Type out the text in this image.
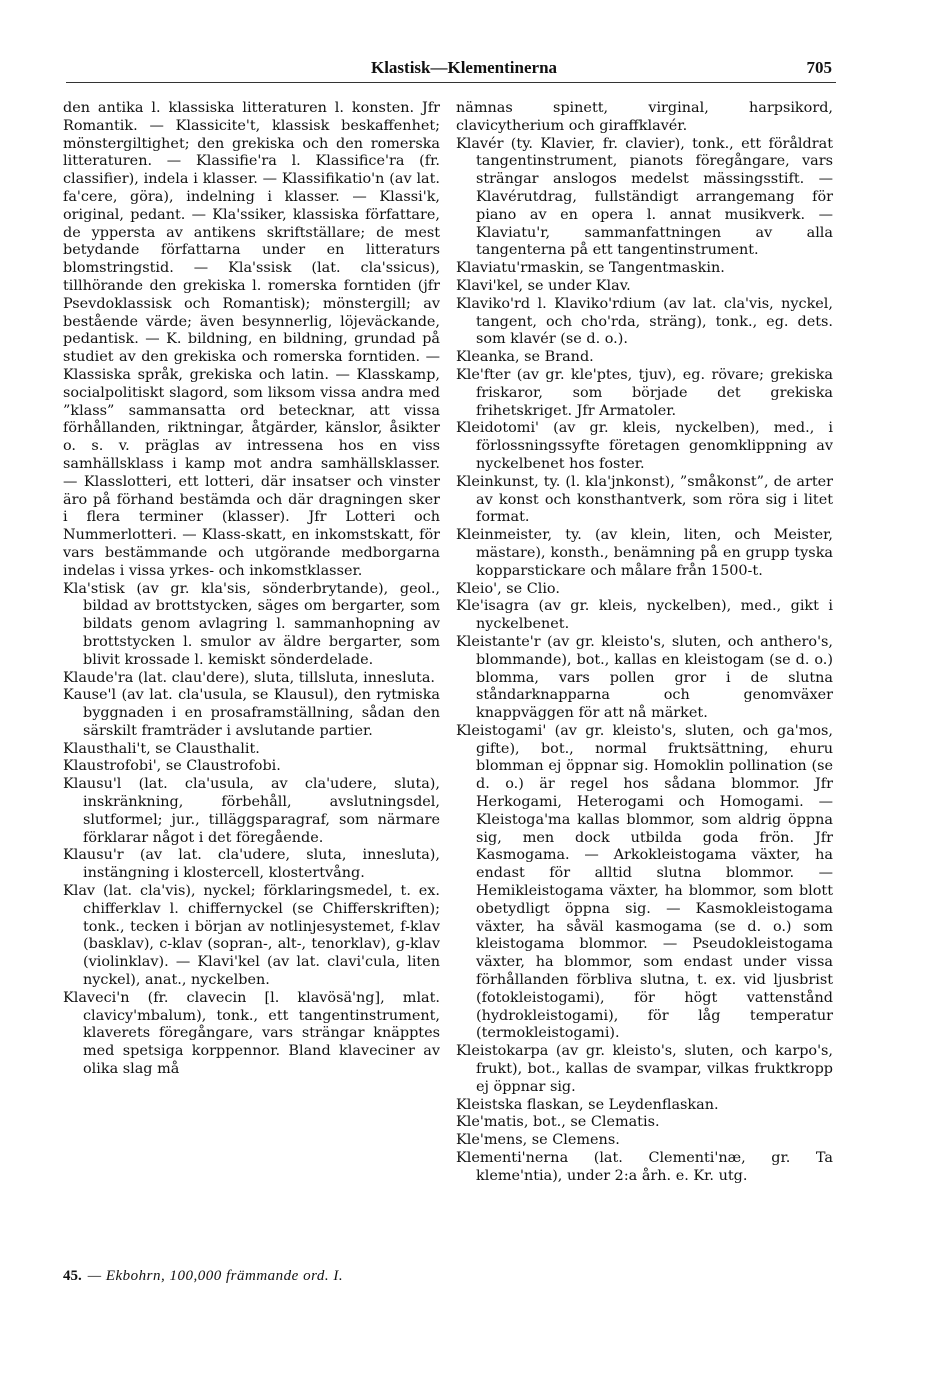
Klastisk—Klementinerna	705

den antika l. klassiska litteraturen l. konsten. Jfr Romantik. — Klassicite't, klassisk beskaffenhet; mönstergiltighet; den grekiska och den romerska litteraturen. — Klassifie'ra l. Klassifice'ra (fr. classifier), indela i klasser. — Klassifikatio'n (av lat. fa'cere, göra), indelning i klasser. — Klassi'k, original, pedant. — Kla'ssiker, klassiska författare, de yppersta av antikens skriftställare; de mest betydande författarna under en litteraturs blomstringstid. — Kla'ssisk (lat. cla'ssicus), tillhörande den grekiska l. romerska forntiden (jfr Psevdoklassisk och Romantisk); mönstergill; av bestående värde; även besynnerlig, löjeväckande, pedantisk. — K. bildning, en bildning, grundad på studiet av den grekiska och romerska forntiden. — Klassiska språk, grekiska och latin. — Klasskamp, socialpolitiskt slagord, som liksom vissa andra med ”klass” sammansatta ord betecknar, att vissa förhållanden, riktningar, åtgärder, känslor, åsikter o. s. v. präglas av intressena hos en viss samhällsklass i kamp mot andra samhällsklasser. — Klasslotteri, ett lotteri, där insatser och vinster äro på förhand bestämda och där dragningen sker i flera terminer (klasser). Jfr Lotteri och Nummerlotteri. — Klass-skatt, en inkomstskatt, för vars bestämmande och utgörande medborgarna indelas i vissa yrkes- och inkomstklasser.

Kla'stisk (av gr. kla'sis, sönderbrytande), geol., bildad av brottstycken, säges om bergarter, som bildats genom avlagring l. sammanhopning av brottstycken l. smulor av äldre bergarter, som blivit krossade l. kemiskt sönderdelade.

Klaude'ra (lat. clau'dere), sluta, tillsluta, innesluta.

Kause'l (av lat. cla'usula, se Klausul), den rytmiska byggnaden i en prosaframställning, sådan den särskilt framträder i avslutande partier.

Klausthali't, se Clausthalit.

Klaustrofobi', se Claustrofobi.

Klausu'l (lat. cla'usula, av cla'udere, sluta), inskränkning, förbehåll, avslutningsdel, slutformel; jur., tilläggsparagraf, som närmare förklarar något i det föregående.

Klausu'r (av lat. cla'udere, sluta, innesluta), instängning i klostercell, klostertvång.

Klav (lat. cla'vis), nyckel; förklaringsmedel, t. ex. chifferklav l. chiffernyckel (se Chifferskriften); tonk., tecken i början av notlinjesystemet, f-klav (basklav), c-klav (sopran-, alt-, tenorklav), g-klav (violinklav). — Klavi'kel (av lat. clavi'cula, liten nyckel), anat., nyckelben.

Klaveci'n (fr. clavecin [l. klavösä'ng], mlat. clavicy'mbalum), tonk., ett tangentinstrument, klaverets föregångare, vars strängar knäpptes med spetsiga korppennor. Bland klaveciner av olika slag må

nämnas spinett, virginal, harpsikord, clavicytherium och giraffklavér.

Klavér (ty. Klavier, fr. clavier), tonk., ett föråldrat tangentinstrument, pianots föregångare, vars strängar anslogos medelst mässingsstift. — Klavérutdrag, fullständigt arrangemang för piano av en opera l. annat musikverk. — Klaviatu'r, sammanfattningen av alla tangenterna på ett tangentinstrument.

Klaviatu'rmaskin, se Tangentmaskin.

Klavi'kel, se under Klav.

Klaviko'rd l. Klaviko'rdium (av lat. cla'vis, nyckel, tangent, och cho'rda, sträng), tonk., eg. dets. som klavér (se d. o.).

Kleanka, se Brand.

Kle'fter (av gr. kle'ptes, tjuv), eg. rövare; grekiska friskaror, som började det grekiska frihetskriget. Jfr Armatoler.

Kleidotomi' (av gr. kleis, nyckelben), med., i förlossningssyfte företagen genomklippning av nyckelbenet hos foster.

Kleinkunst, ty. (l. kla'jnkonst), ”småkonst”, de arter av konst och konsthantverk, som röra sig i litet format.

Kleinmeister, ty. (av klein, liten, och Meister, mästare), konsth., benämning på en grupp tyska kopparstickare och målare från 1500-t.

Kleio', se Clio.

Kle'isagra (av gr. kleis, nyckelben), med., gikt i nyckelbenet.

Kleistante'r (av gr. kleisto's, sluten, och anthero's, blommande), bot., kallas en kleistogam (se d. o.) blomma, vars pollen gror i de slutna ståndarknapparna och genomväxer knappväggen för att nå märket.

Kleistogami' (av gr. kleisto's, sluten, och ga'mos, gifte), bot., normal fruktsättning, ehuru blomman ej öppnar sig. Homoklin pollination (se d. o.) är regel hos sådana blommor. Jfr Herkogami, Heterogami och Homogami. — Kleistoga'ma kallas blommor, som aldrig öppna sig, men dock utbilda goda frön. Jfr Kasmogama. — Arkokleistogama växter, ha endast för alltid slutna blommor. — Hemikleistogama växter, ha blommor, som blott obetydligt öppna sig. — Kasmokleistogama växter, ha såväl kasmogama (se d. o.) som kleistogama blommor. — Pseudokleistogama växter, ha blommor, som endast under vissa förhållanden förbliva slutna, t. ex. vid ljusbrist (fotokleistogami), för högt vattenstånd (hydrokleistogami), för låg temperatur (termokleistogami).

Kleistokarpa (av gr. kleisto's, sluten, och karpo's, frukt), bot., kallas de svampar, vilkas fruktkropp ej öppnar sig.

Kleistska flaskan, se Leydenflaskan.

Kle'matis, bot., se Clematis.

Kle'mens, se Clemens.

Klementi'nerna (lat. Clementi'næ, gr. Ta kleme'ntia), under 2:a årh. e. Kr. utg.

45. — Ekbohrn, 100,000 främmande ord. I.
